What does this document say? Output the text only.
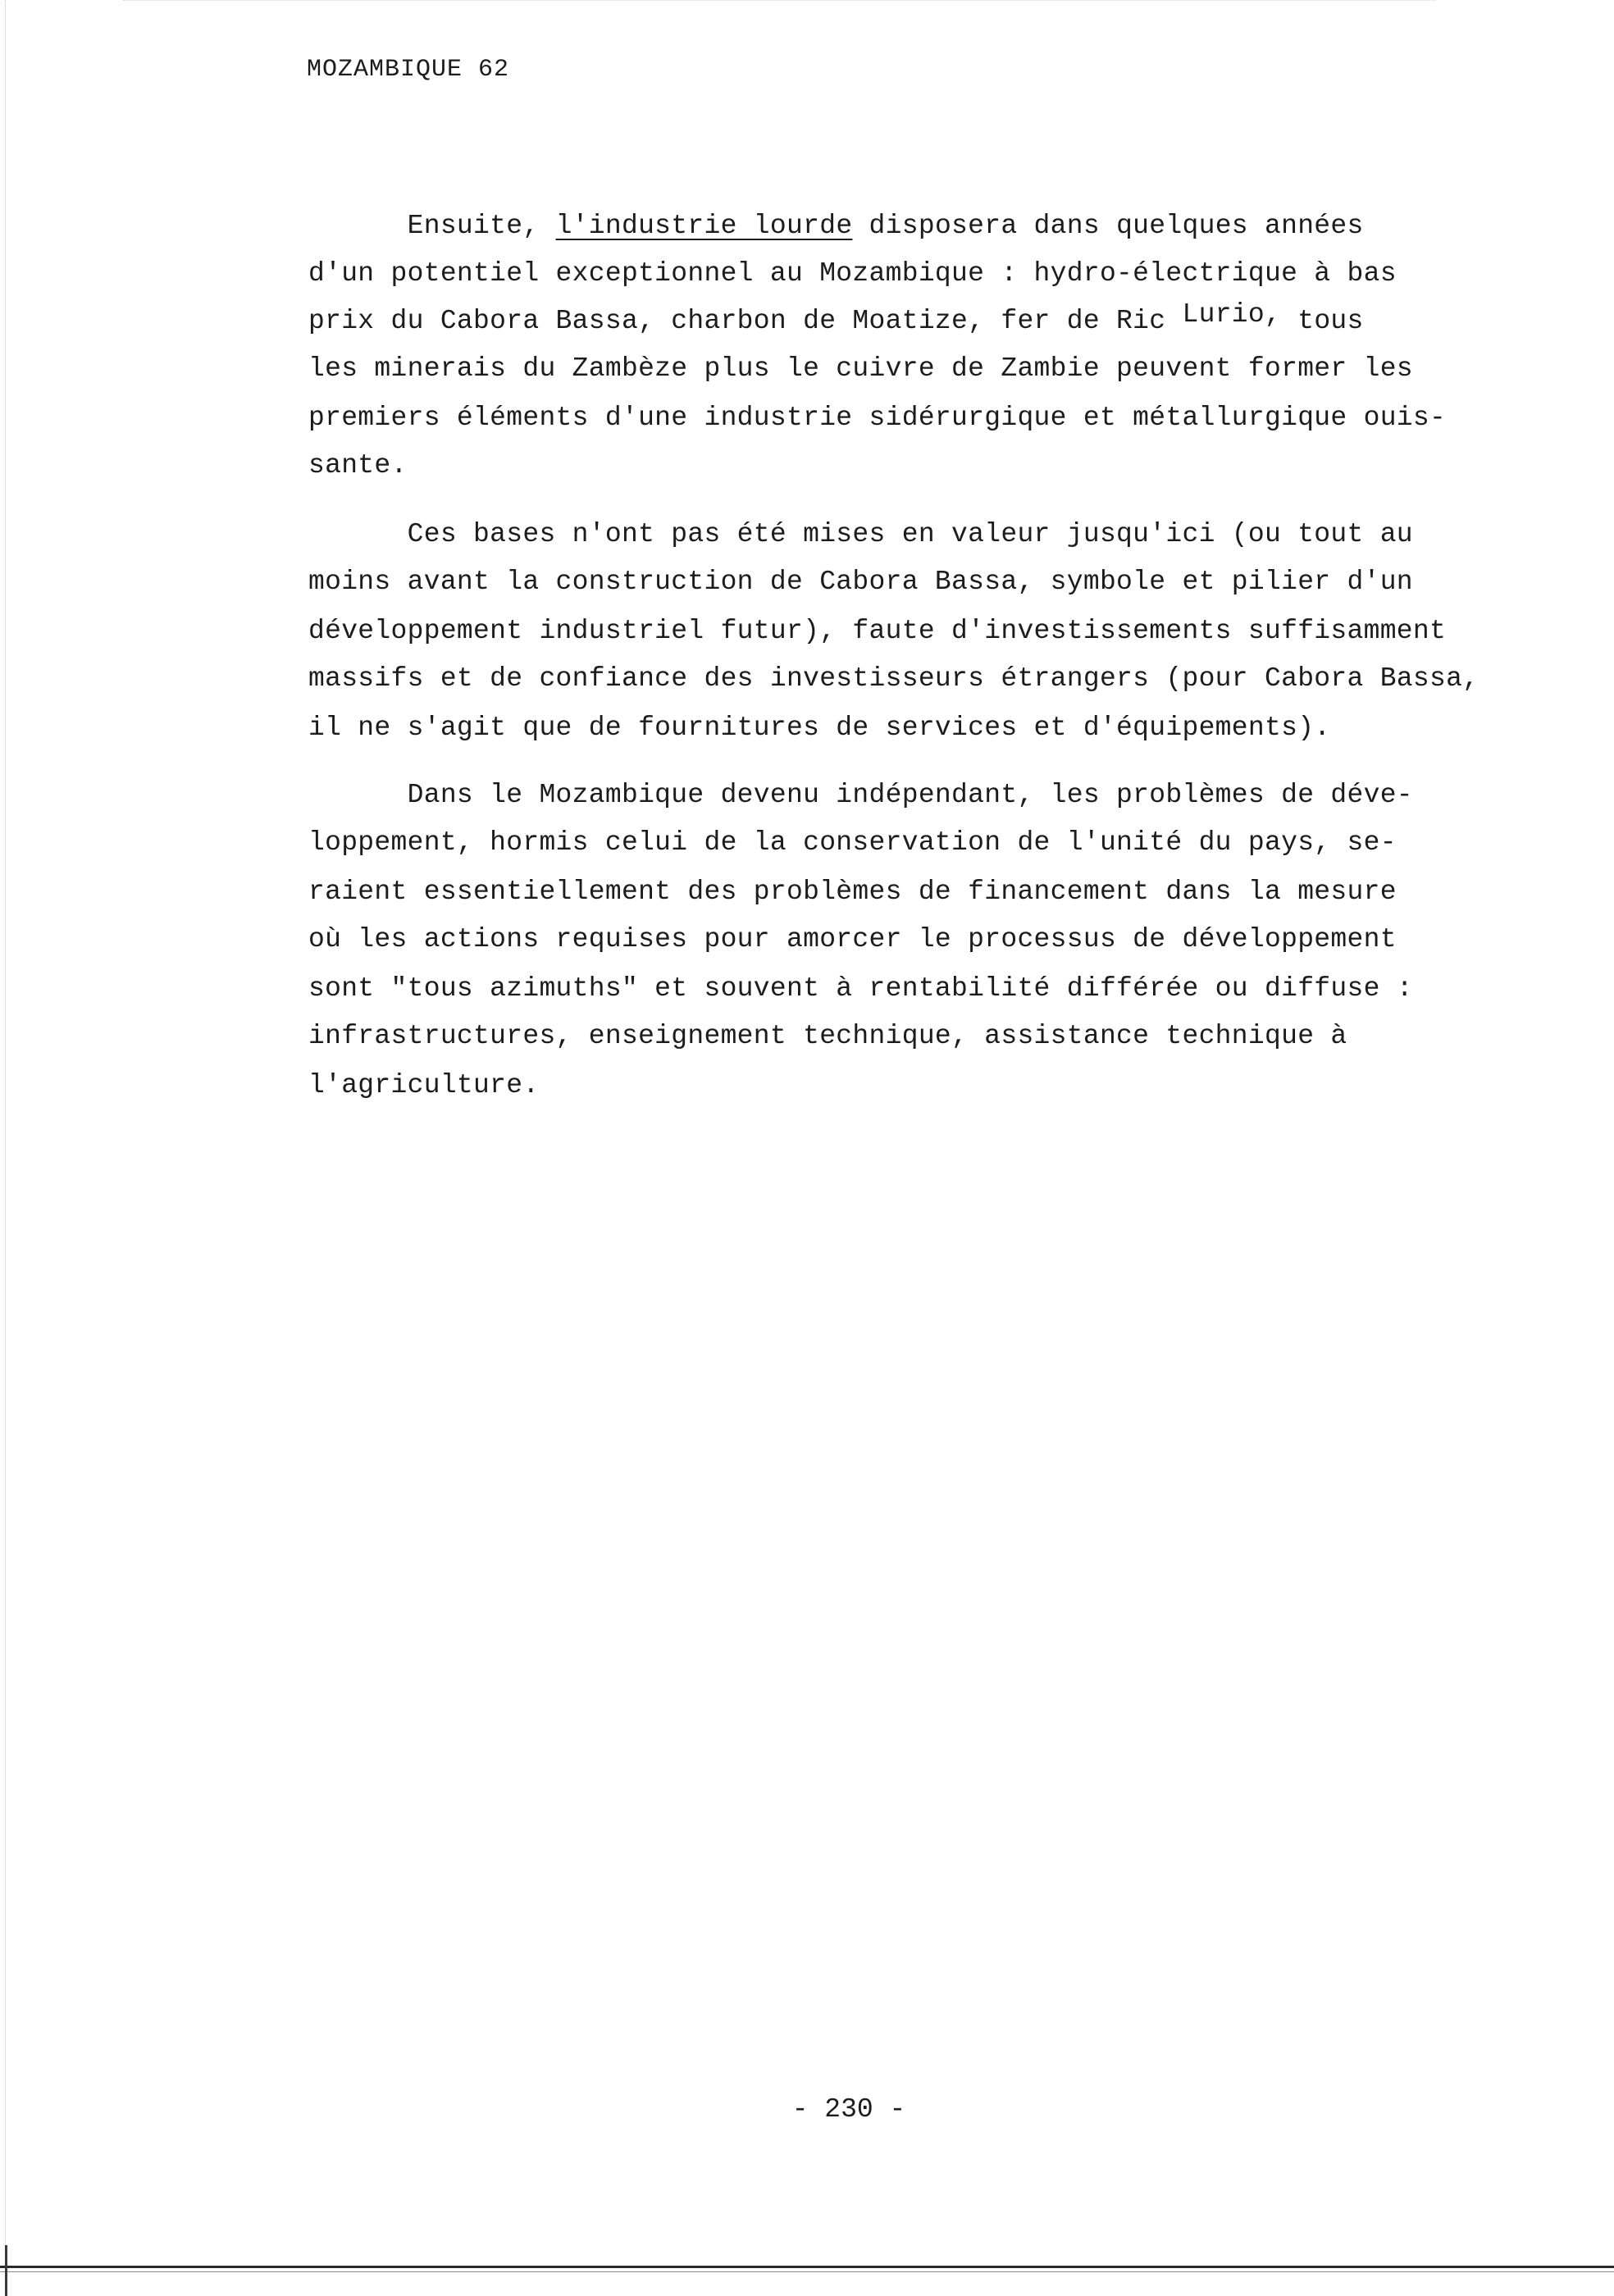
MOZAMBIQUE 62
Ensuite, l'industrie lourde disposera dans quelques années
d'un potentiel exceptionnel au Mozambique : hydro-électrique à bas
prix du Cabora Bassa, charbon de Moatize, fer de Ric Lurio, tous
les minerais du Zambèze plus le cuivre de Zambie peuvent former les
premiers éléments d'une industrie sidérurgique et métallurgique ouis-
sante.
Ces bases n'ont pas été mises en valeur jusqu'ici (ou tout au
moins avant la construction de Cabora Bassa, symbole et pilier d'un
développement industriel futur), faute d'investissements suffisamment
massifs et de confiance des investisseurs étrangers (pour Cabora Bassa,
il ne s'agit que de fournitures de services et d'équipements).
Dans le Mozambique devenu indépendant, les problèmes de déve-
loppement, hormis celui de la conservation de l'unité du pays, se-
raient essentiellement des problèmes de financement dans la mesure
où les actions requises pour amorcer le processus de développement
sont "tous azimuths" et souvent à rentabilité différée ou diffuse :
infrastructures, enseignement technique, assistance technique à
l'agriculture.
- 230 -
